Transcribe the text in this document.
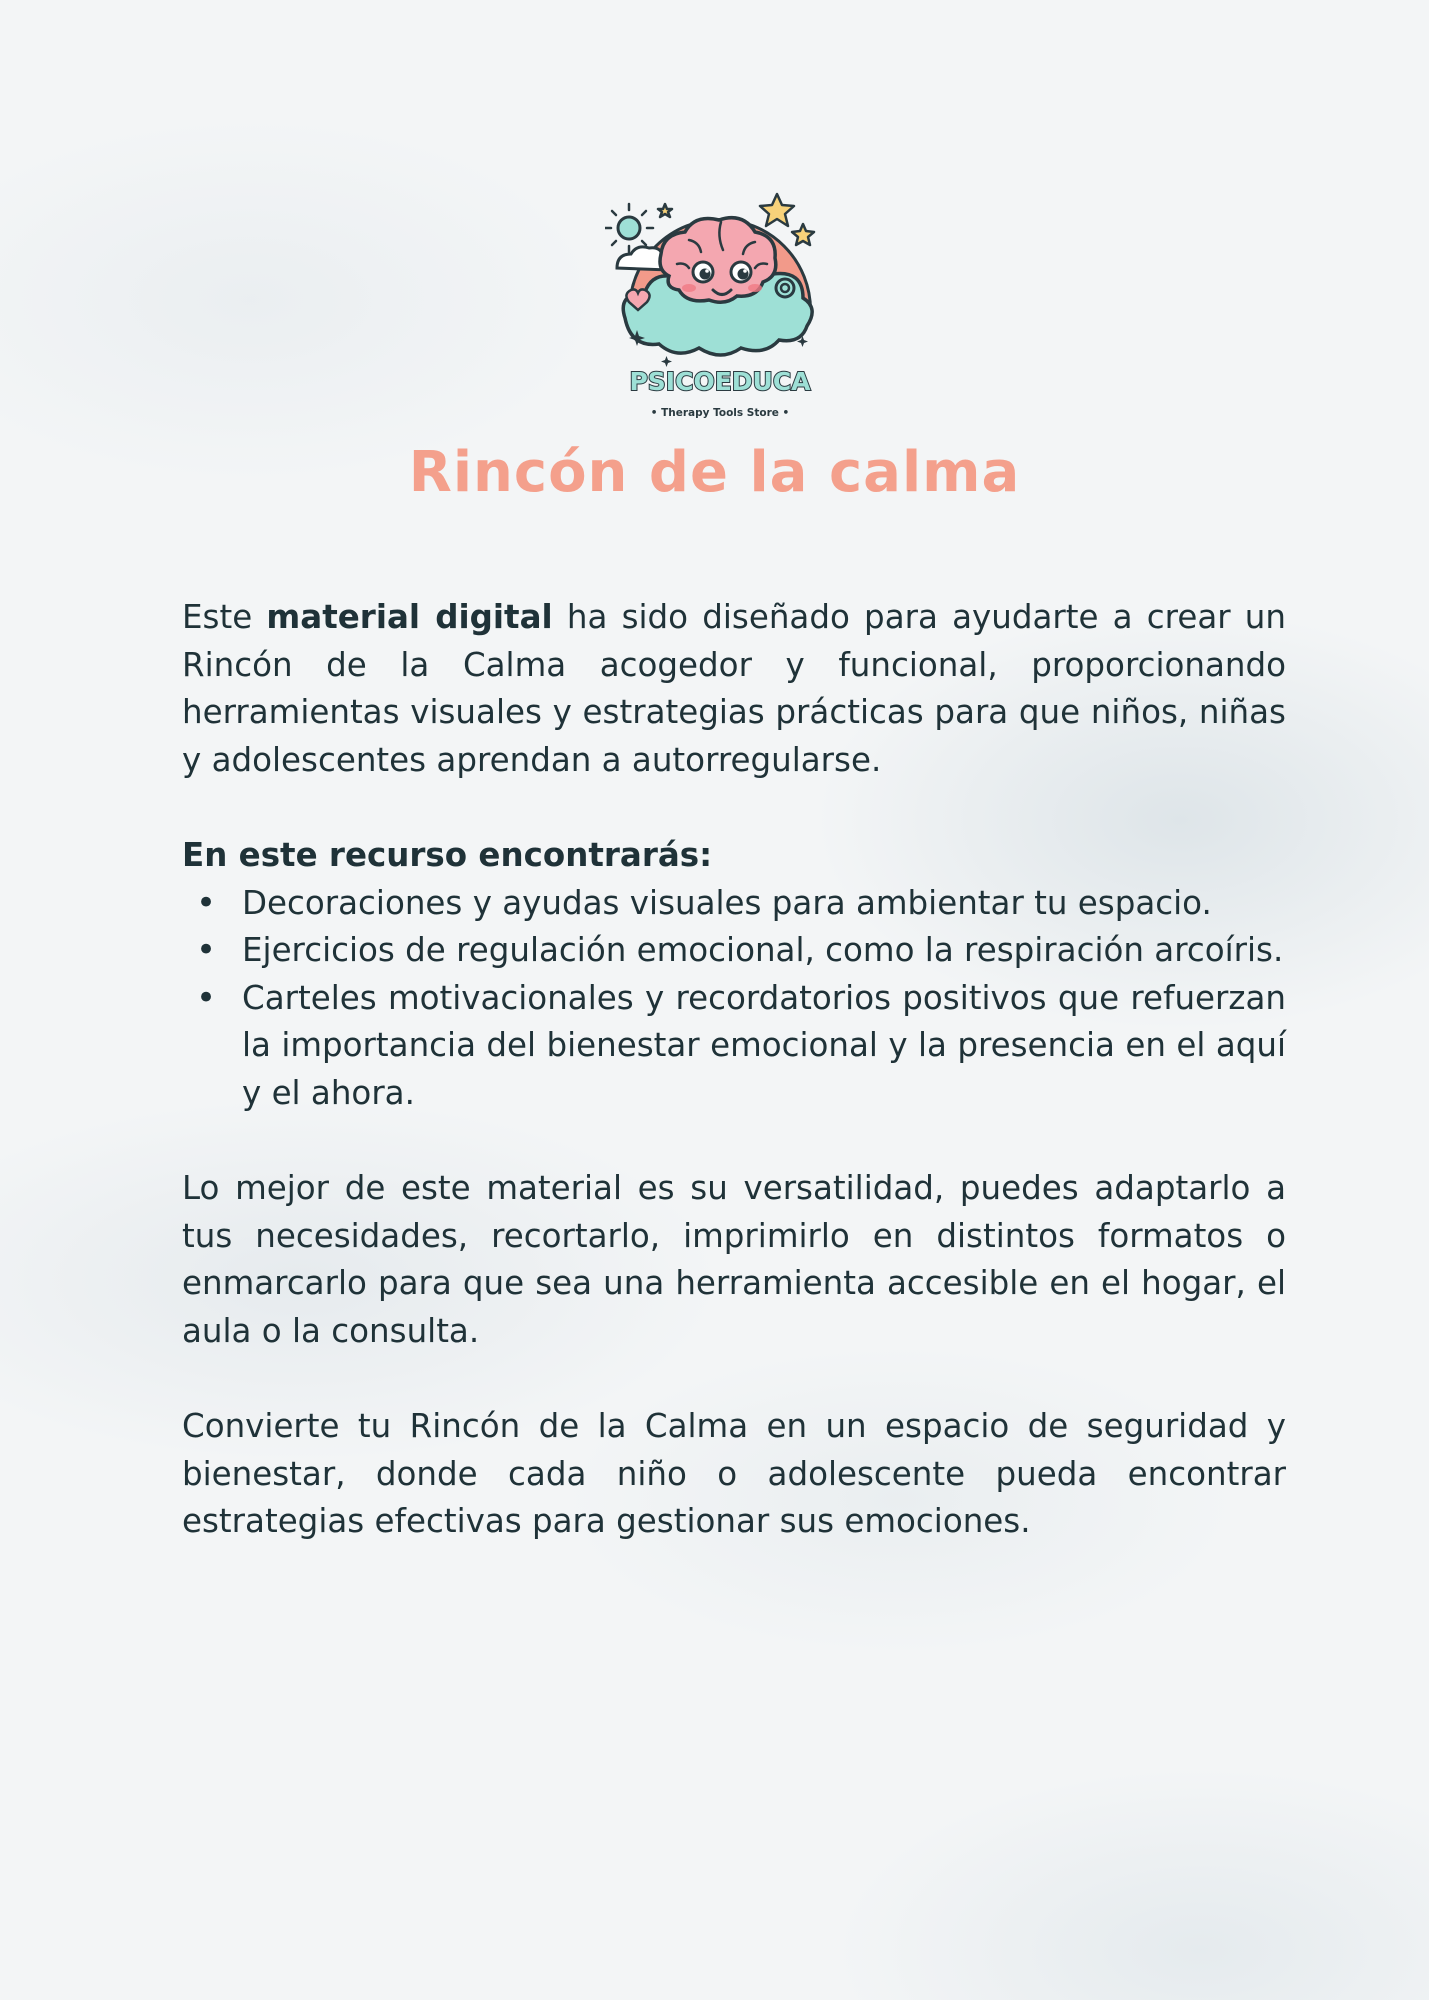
PSICOEDUCA
• Therapy Tools Store •
Rincón de la calma

Este material digital ha sido diseñado para ayudarte a crear un Rincón de la Calma acogedor y funcional, proporcionando herramientas visuales y estrategias prácticas para que niños, niñas y adolescentes aprendan a autorregularse.

En este recurso encontrarás:

• Decoraciones y ayudas visuales para ambientar tu espacio.
• Ejercicios de regulación emocional, como la respiración arcoíris.
• Carteles motivacionales y recordatorios positivos que refuerzan la importancia del bienestar emocional y la presencia en el aquí y el ahora.

Lo mejor de este material es su versatilidad, puedes adaptarlo a tus necesidades, recortarlo, imprimirlo en distintos formatos o enmarcarlo para que sea una herramienta accesible en el hogar, el aula o la consulta.

Convierte tu Rincón de la Calma en un espacio de seguridad y bienestar, donde cada niño o adolescente pueda encontrar estrategias efectivas para gestionar sus emociones.
